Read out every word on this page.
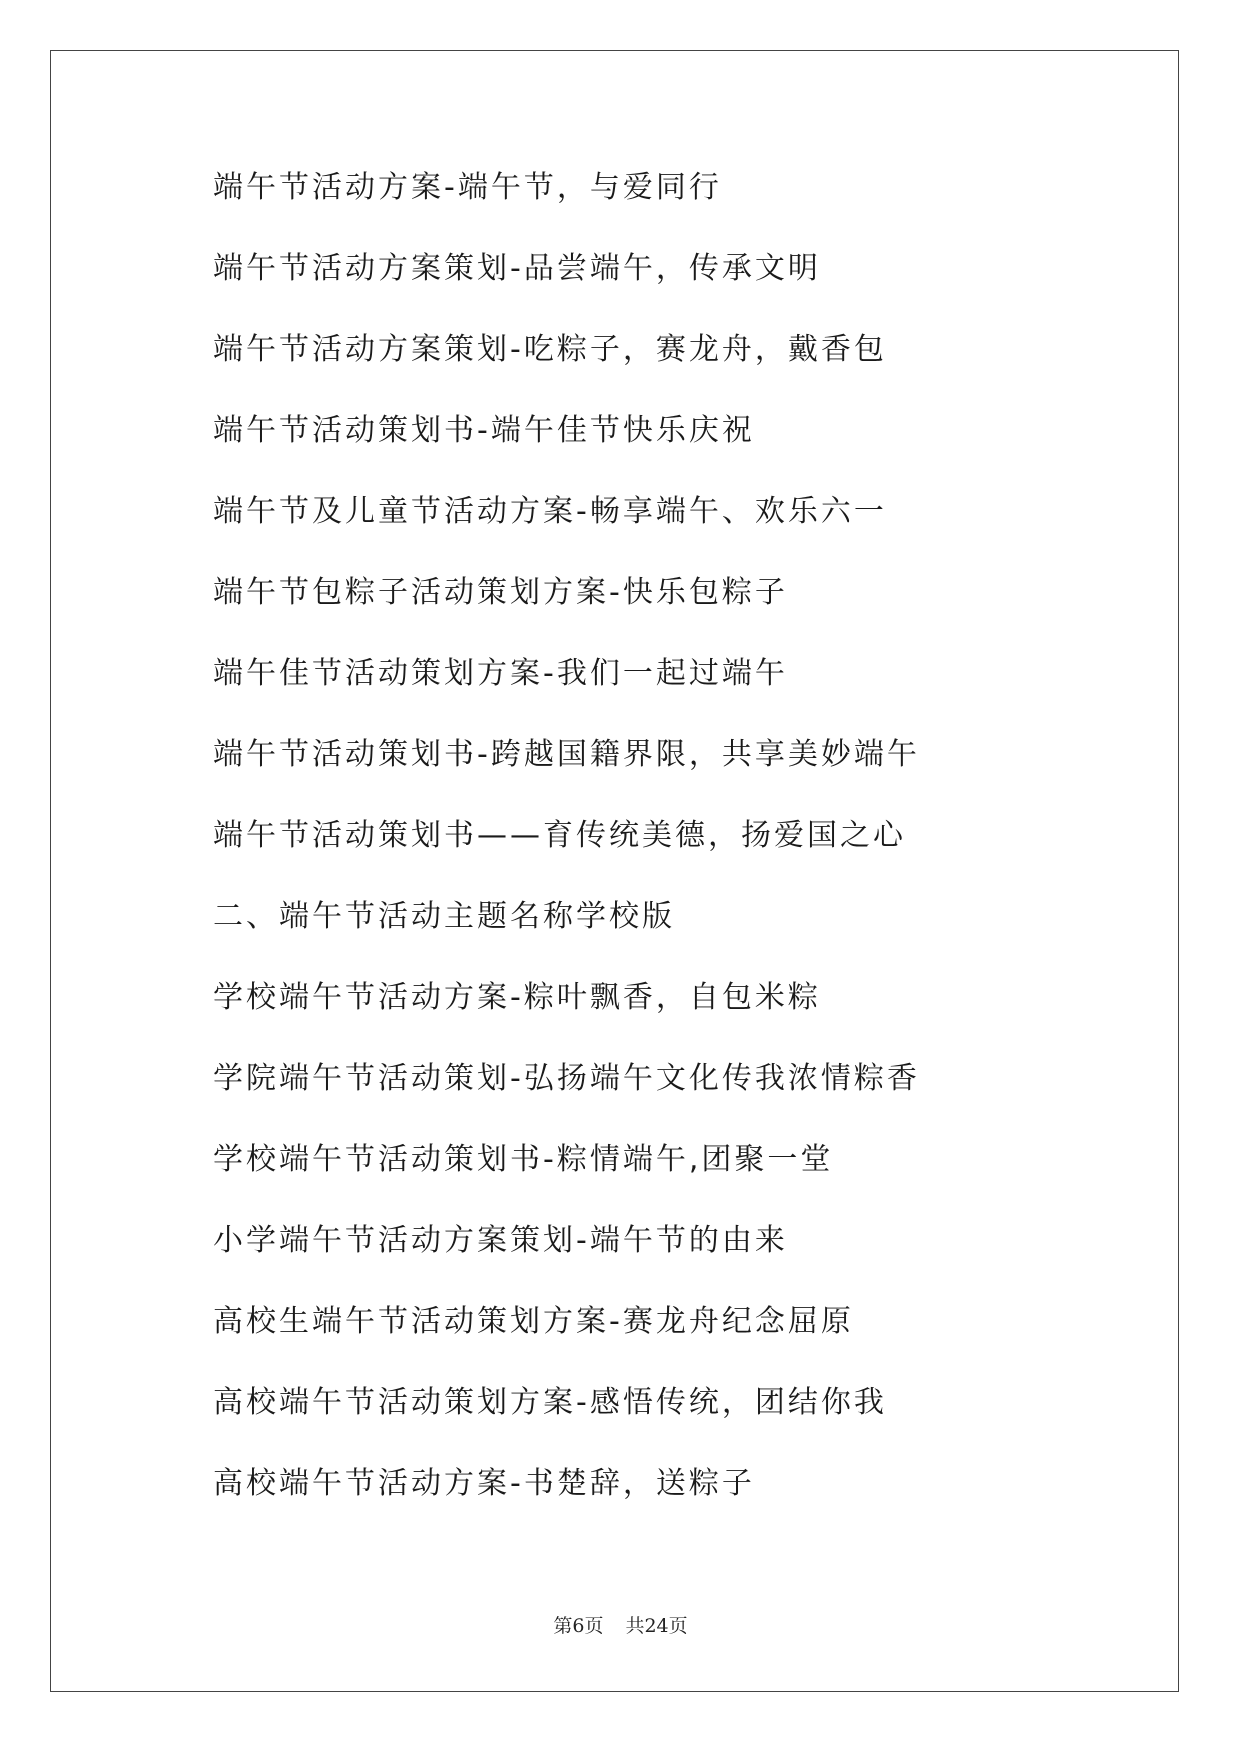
端午节活动方案-端午节，与爱同行
端午节活动方案策划-品尝端午，传承文明
端午节活动方案策划-吃粽子，赛龙舟，戴香包
端午节活动策划书-端午佳节快乐庆祝
端午节及儿童节活动方案-畅享端午、欢乐六一
端午节包粽子活动策划方案-快乐包粽子
端午佳节活动策划方案-我们一起过端午
端午节活动策划书-跨越国籍界限，共享美妙端午
端午节活动策划书——育传统美德，扬爱国之心
二、端午节活动主题名称学校版
学校端午节活动方案-粽叶飘香，自包米粽
学院端午节活动策划-弘扬端午文化传我浓情粽香
学校端午节活动策划书-粽情端午,团聚一堂
小学端午节活动方案策划-端午节的由来
高校生端午节活动策划方案-赛龙舟纪念屈原
高校端午节活动策划方案-感悟传统，团结你我
高校端午节活动方案-书楚辞，送粽子
第6页 共24页
